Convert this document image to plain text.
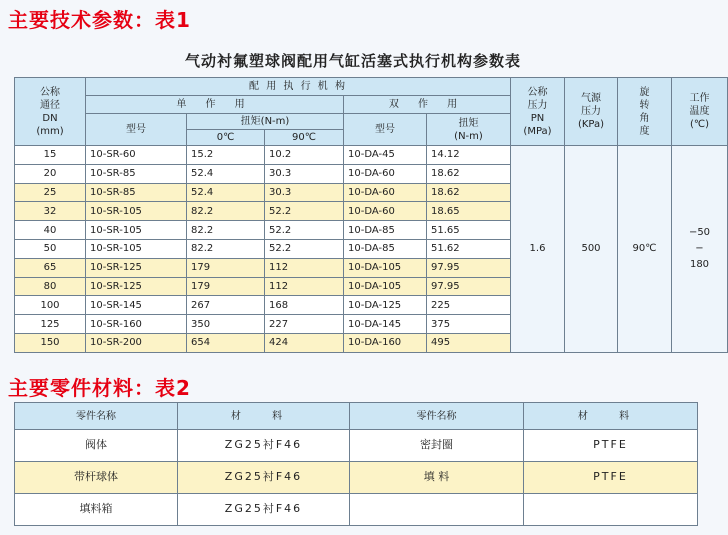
主要技术参数：表1
气动衬氟塑球阀配用气缸活塞式执行机构参数表
公称
通径
DN
(mm)	配 用 执 行 机 构					公称
压力
PN
(MPa)	气源
压力
(KPa)	旋
转
角
度	工作
温度
(℃)
	单 作 用			双 作 用					
	型号	扭矩(N-m)		型号	扭矩
(N-m)				
		0℃	90℃						
15	10-SR-60	15.2	10.2	10-DA-45	14.12	1.6	500	90℃	−50
−
180
20	10-SR-85	52.4	30.3	10-DA-60	18.62				
25	10-SR-85	52.4	30.3	10-DA-60	18.62				
32	10-SR-105	82.2	52.2	10-DA-60	18.65				
40	10-SR-105	82.2	52.2	10-DA-85	51.65				
50	10-SR-105	82.2	52.2	10-DA-85	51.62				
65	10-SR-125	179	112	10-DA-105	97.95				
80	10-SR-125	179	112	10-DA-105	97.95				
100	10-SR-145	267	168	10-DA-125	225				
125	10-SR-160	350	227	10-DA-145	375				
150	10-SR-200	654	424	10-DA-160	495				
主要零件材料：表2
零件名称	材 料	零件名称	材 料
阀体	ZG25衬F46	密封圈	PTFE
带杆球体	ZG25衬F46	填 料	PTFE
填料箱	ZG25衬F46		
